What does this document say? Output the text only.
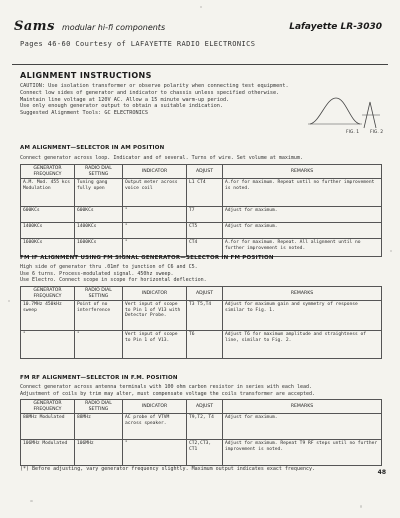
Sams modular hi-fi components	Lafayette LR-3030
Pages 46-60 Courtesy of LAFAYETTE RADIO ELECTRONICS
ALIGNMENT INSTRUCTIONS
CAUTION: Use isolation transformer or observe polarity when connecting test equipment.
Connect low sides of generator and indicator to chassis unless specified otherwise.
Maintain line voltage at 120V AC. Allow a 15 minute warm-up period.
Use only enough generator output to obtain a suitable indication.
Suggested Alignment Tools: GC ELECTRONICS
FIG. 1 FIG. 2
AM ALIGNMENT—SELECTOR IN AM POSITION
Connect generator across loop. Indicator and of several. Turns of wire. Set volume at maximum.
GENERATOR FREQUENCY	RADIO DIAL SETTING	INDICATOR	ADJUST	REMARKS
A.M. Mod. 455 kcs Modulation	Tuning gang fully open	Output meter across voice coil	L1 CT4	A.for for maximum. Repeat until no further improvement is noted.
600KCs	600KCs	"	T7	Adjust for maximum.
1400KCs	1400KCs	"	CT5	Adjust for maximum.
1600KCs	1600KCs	"	CT4	A.for for maximum. Repeat. All alignment until no further improvement is noted.
FM IF ALIGNMENT USING FM SIGNAL GENERATOR—SELECTOR IN FM POSITION
High side of generator thru .01mf to junction of C6 and C5.
Use 6 turns. Process-modulated signal. 450hz sweep.
Use Electro. Connect scope in scope for horizontal deflection.
GENERATOR FREQUENCY	RADIO DIAL SETTING	INDICATOR	ADJUST	REMARKS
10.7MHz 450kHz sweep	Point of no interference	Vert input of scope to Pin 1 of V13 with Detector Probe.	T3 T5,T4	Adjust for maximum gain and symmetry of response similar to Fig. 1.
"	"	Vert input of scope to Pin 1 of V13.	T6	Adjust T6 for maximum amplitude and straightness of line, similar to Fig. 2.
FM RF ALIGNMENT—SELECTOR IN F.M. POSITION
Connect generator across antenna terminals with 100 ohm carbon resistor in series with each lead.
Adjustment of coils by trim may alter, must compensate voltage the coils transformer are accepted.
GENERATOR FREQUENCY	RADIO DIAL SETTING	INDICATOR	ADJUST	REMARKS
88MHz Modulated	88MHz	AC probe of VTVM across speaker.	T9,T2, T4	Adjust for maximum.
106MHz Modulated	106MHz	"	CT2,CT3, CT1	Adjust for maximum. Repeat T9 RF steps until no further improvement is noted.
(*) Before adjusting, vary generator frequency slightly. Maximum output indicates exact frequency.	48
